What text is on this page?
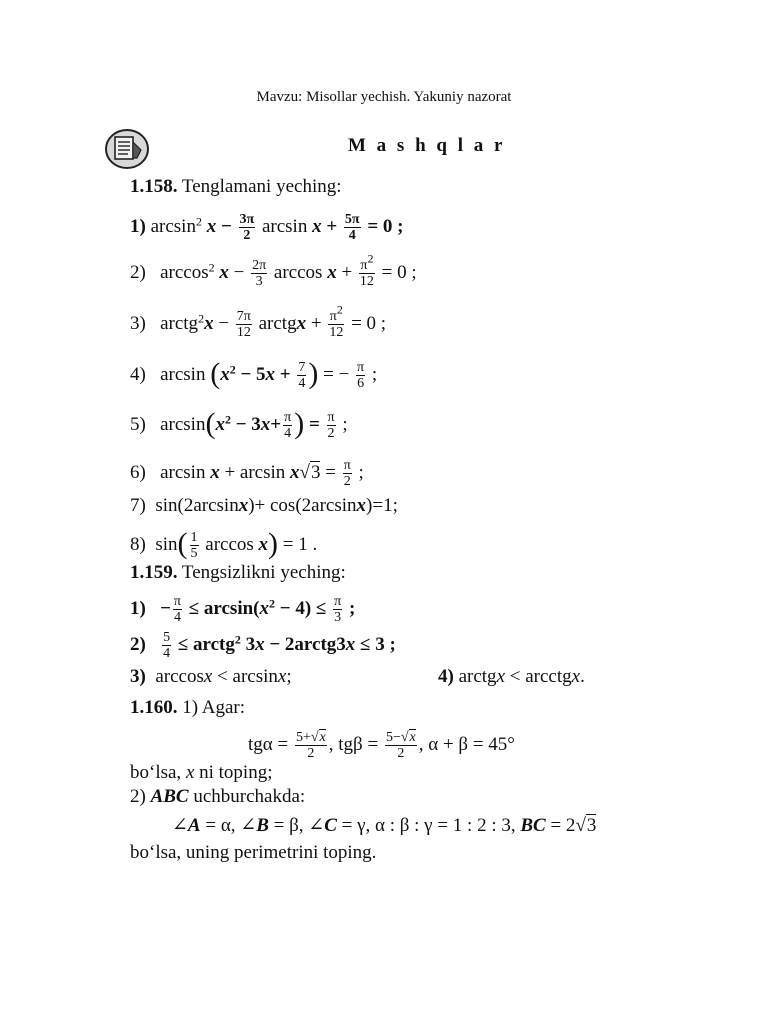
Mavzu: Misollar yechish. Yakuniy nazorat
M a s h q l a r
1.158. Tenglamani yeching:
1) $\arcsin^2 x - \frac{3\pi}{2}$ $\arcsin x + \frac{5\pi}{4} = 0$ ;
2) $\arccos^2 x - \frac{2\pi}{3}$ $\arccos x + \frac{\pi^2}{12} = 0$ ;
3) arctg$^2$x − $\frac{7\pi}{12}$ arctgx + $\frac{\pi^2}{12} = 0$ ;
4) $\arcsin (x^2 - 5x + \frac{7}{4}$ ) = − $\frac{\pi}{6}$ ;
5) $\arcsin(x^2 - 3x+ \frac{\pi}{4}$ ) = $\frac{\pi}{2}$ ;
6) $\arcsin x + \arcsin x√3 = \frac{\pi}{2}$ ;
7) sin(2arcsinx)+ cos(2arcsinx)=1;
8) $\sin( \frac{1}{5}$ arccos x) = 1 .
1.159. Tengsizlikni yeching:
$1) - \frac{\pi}{4} \le \arcsin(x^2 - 4) \le \frac{\pi}{3}$ ;
$2) \frac{5}{4}$ ≤ arctg$^2$ 3x − 2arctg3x ≤ 3 ;
3) arccosx < arcsinx;	4) arctgx < arcctgx.
1.160. 1) Agar:
$tg\alpha = \frac{5+√x}{2}$ , $tg\beta = \frac{5-√x}{2}$ , α + β = 45°
bo‘lsa, x ni toping;
2) ABC uchburchakda:
∠A = α, ∠B = β, ∠C = γ, α : β : γ = 1 : 2 : 3, BC = 2√3
bo‘lsa, uning perimetrini toping.
